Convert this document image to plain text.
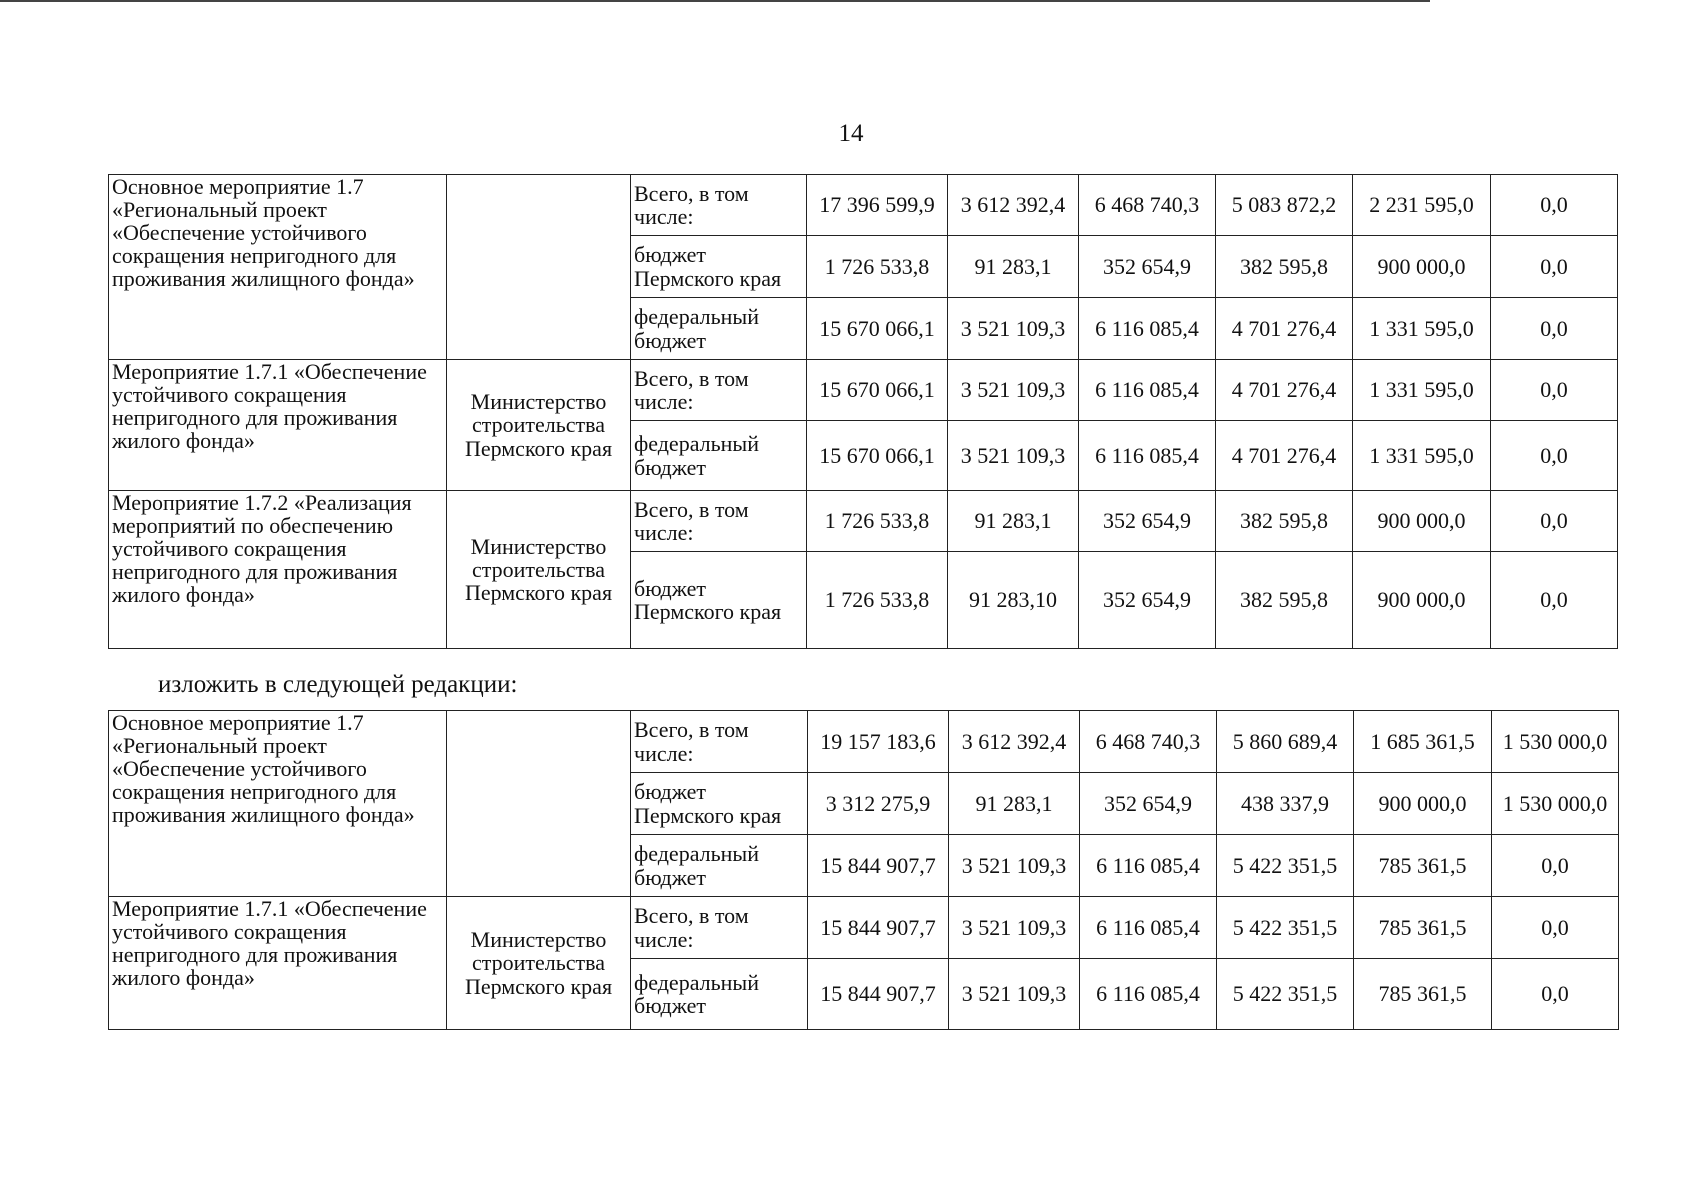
14
Основное мероприятие 1.7 «Региональный проект «Обеспечение устойчивого сокращения непригодного для проживания жилищного фонда»		Всего, в том числе:	17 396 599,9	3 612 392,4	6 468 740,3	5 083 872,2	2 231 595,0	0,0
		бюджет Пермского края	1 726 533,8	91 283,1	352 654,9	382 595,8	900 000,0	0,0
		федеральный бюджет	15 670 066,1	3 521 109,3	6 116 085,4	4 701 276,4	1 331 595,0	0,0
Мероприятие 1.7.1 «Обеспечение устойчивого сокращения непригодного для проживания жилого фонда»	Министерство строительства Пермского края	Всего, в том числе:	15 670 066,1	3 521 109,3	6 116 085,4	4 701 276,4	1 331 595,0	0,0
		федеральный бюджет	15 670 066,1	3 521 109,3	6 116 085,4	4 701 276,4	1 331 595,0	0,0
Мероприятие 1.7.2 «Реализация мероприятий по обеспечению устойчивого сокращения непригодного для проживания жилого фонда»	Министерство строительства Пермского края	Всего, в том числе:	1 726 533,8	91 283,1	352 654,9	382 595,8	900 000,0	0,0
		бюджет Пермского края	1 726 533,8	91 283,10	352 654,9	382 595,8	900 000,0	0,0
изложить в следующей редакции:
Основное мероприятие 1.7 «Региональный проект «Обеспечение устойчивого сокращения непригодного для проживания жилищного фонда»		Всего, в том числе:	19 157 183,6	3 612 392,4	6 468 740,3	5 860 689,4	1 685 361,5	1 530 000,0
		бюджет Пермского края	3 312 275,9	91 283,1	352 654,9	438 337,9	900 000,0	1 530 000,0
		федеральный бюджет	15 844 907,7	3 521 109,3	6 116 085,4	5 422 351,5	785 361,5	0,0
Мероприятие 1.7.1 «Обеспечение устойчивого сокращения непригодного для проживания жилого фонда»	Министерство строительства Пермского края	Всего, в том числе:	15 844 907,7	3 521 109,3	6 116 085,4	5 422 351,5	785 361,5	0,0
		федеральный бюджет	15 844 907,7	3 521 109,3	6 116 085,4	5 422 351,5	785 361,5	0,0
